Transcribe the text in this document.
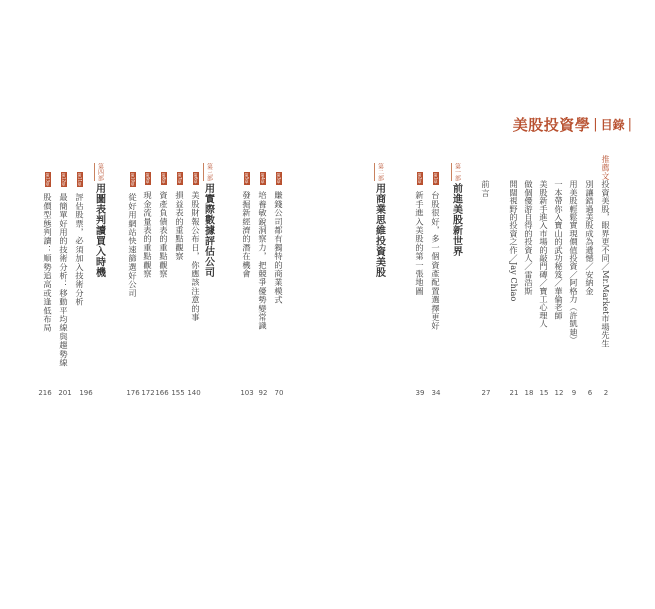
美股投資學 | 目錄 |
推薦文
投資美股，眼界更不同／Mr.Market市場先生
別讓錯過美股成為遺憾／安納金
用美股輕鬆實現價值投資／阿格力（許凱廸）
一本帶你入寶山的武功秘笈／華倫老師
美股新手進入市場的敲門磚／寶工心理人
做個優游自得的投資人／雷浩斯
開闊視野的投資之作／Jay Chiao
前言
2
6
9
12
15
18
21
27
第一部
前進美股新世界
第1章
台股很好，多一個資產配置選擇更好
第2章
新手進入美股的第一張地圖
34
39
第二部
用商業思維投資美股
第3章
賺錢公司都有獨特的商業模式
第4章
培養敏銳洞察力，把競爭優勢變常識
第5章
發掘新經濟的潛在機會
70
92
103
第三部
用實際數據評估公司
第6章
美股財報公布日，你應該注意的事
第7章
損益表的重點觀察
第8章
資產負債表的重點觀察
第9章
現金流量表的重點觀察
第10章
從好用網站快速篩選好公司
140
155
166
172
176
第四部
用圖表判讀買入時機
第11章
評估股票，必須加入技術分析
第12章
最簡單好用的技術分析：移動平均線與趨勢線
第13章
股價型態判讀：順勢追高或逢低布局
196
201
216
